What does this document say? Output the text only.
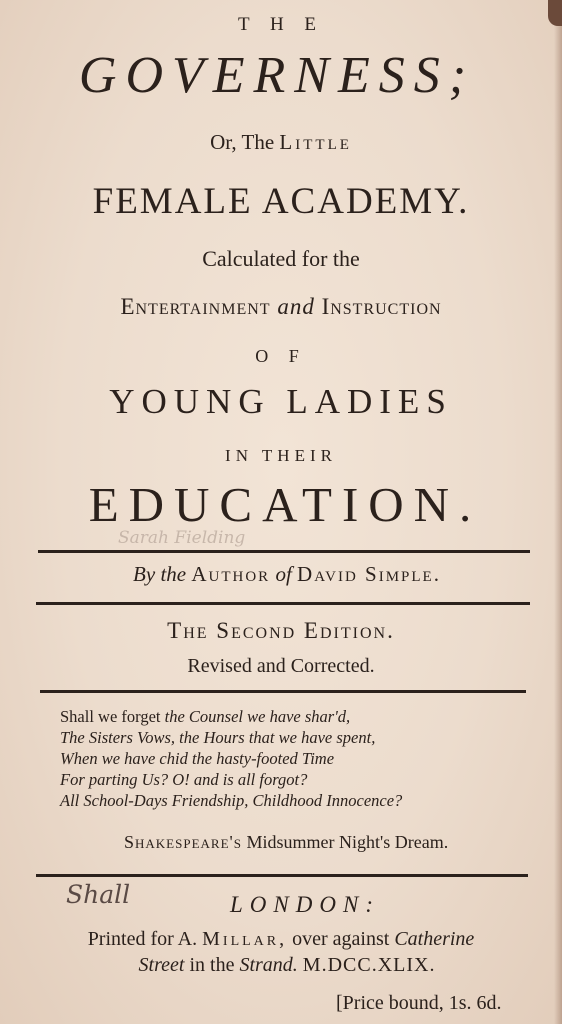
T H E
GOVERNESS;
Or, The Little
FEMALE ACADEMY.
Calculated for the
Entertainment and Instruction
O F
YOUNG LADIES
IN THEIR
EDUCATION.
Sarah Fielding
By the Author of David Simple.
The Second Edition.
Revised and Corrected.
Shall we forget the Counsel we have shar'd,
The Sisters Vows, the Hours that we have spent,
When we have chid the hasty-footed Time
For parting Us? O! and is all forgot?
All School-Days Friendship, Childhood Innocence?
Shakespeare's Midsummer Night's Dream.
Shall	LONDON:
Printed for A. Millar, over against Catherine
Street in the Strand. M.DCC.XLIX.
[Price bound, 1s. 6d.
